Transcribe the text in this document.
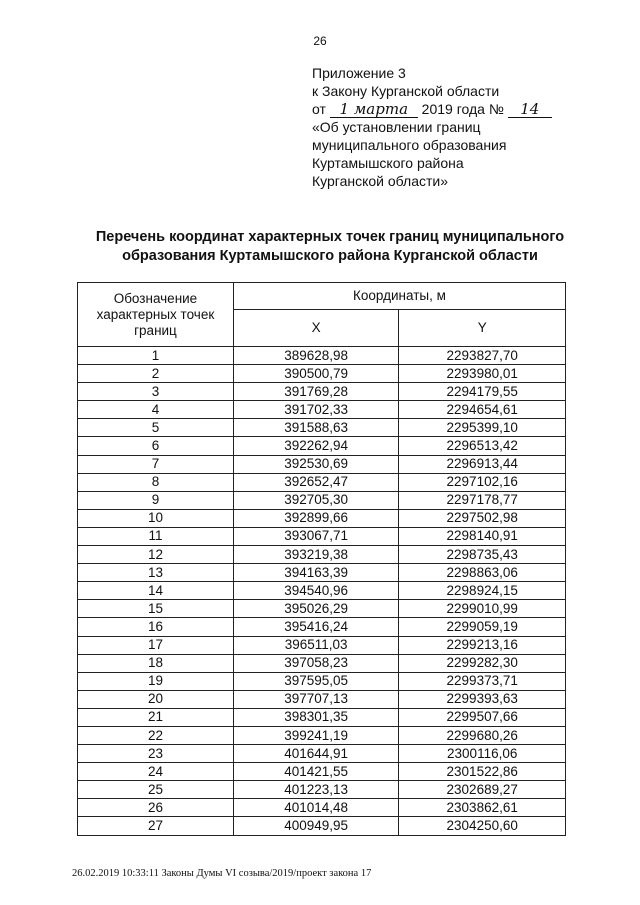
26
Приложение 3
к Закону Курганской области
от 1 марта 2019 года № 14
«Об установлении границ
муниципального образования
Куртамышского района
Курганской области»
Перечень координат характерных точек границ муниципального
образования Куртамышского района Курганской области
Обозначение характерных точек границ	Координаты, м	
	X	Y
1	389628,98	2293827,70
2	390500,79	2293980,01
3	391769,28	2294179,55
4	391702,33	2294654,61
5	391588,63	2295399,10
6	392262,94	2296513,42
7	392530,69	2296913,44
8	392652,47	2297102,16
9	392705,30	2297178,77
10	392899,66	2297502,98
11	393067,71	2298140,91
12	393219,38	2298735,43
13	394163,39	2298863,06
14	394540,96	2298924,15
15	395026,29	2299010,99
16	395416,24	2299059,19
17	396511,03	2299213,16
18	397058,23	2299282,30
19	397595,05	2299373,71
20	397707,13	2299393,63
21	398301,35	2299507,66
22	399241,19	2299680,26
23	401644,91	2300116,06
24	401421,55	2301522,86
25	401223,13	2302689,27
26	401014,48	2303862,61
27	400949,95	2304250,60
26.02.2019 10:33:11 Законы Думы VI созыва/2019/проект закона 17
